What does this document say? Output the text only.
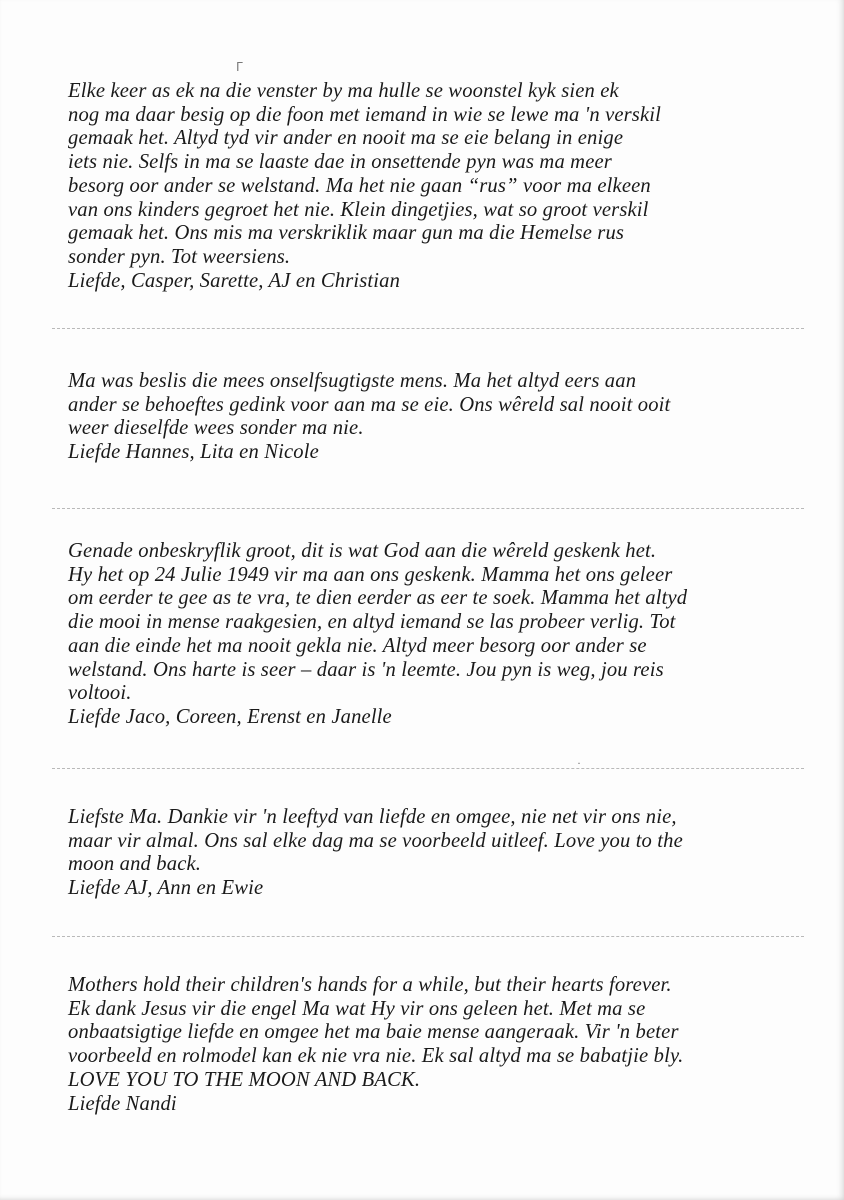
ᒥ
Elke keer as ek na die venster by ma hulle se woonstel kyk sien ek
nog ma daar besig op die foon met iemand in wie se lewe ma 'n verskil
gemaak het. Altyd tyd vir ander en nooit ma se eie belang in enige
iets nie. Selfs in ma se laaste dae in onsettende pyn was ma meer
besorg oor ander se welstand. Ma het nie gaan “rus” voor ma elkeen
van ons kinders gegroet het nie. Klein dingetjies, wat so groot verskil
gemaak het. Ons mis ma verskriklik maar gun ma die Hemelse rus
sonder pyn. Tot weersiens.
Liefde, Casper, Sarette, AJ en Christian
Ma was beslis die mees onselfsugtigste mens. Ma het altyd eers aan
ander se behoeftes gedink voor aan ma se eie. Ons wêreld sal nooit ooit
weer dieselfde wees sonder ma nie.
Liefde Hannes, Lita en Nicole
Genade onbeskryflik groot, dit is wat God aan die wêreld geskenk het.
Hy het op 24 Julie 1949 vir ma aan ons geskenk. Mamma het ons geleer
om eerder te gee as te vra, te dien eerder as eer te soek. Mamma het altyd
die mooi in mense raakgesien, en altyd iemand se las probeer verlig. Tot
aan die einde het ma nooit gekla nie. Altyd meer besorg oor ander se
welstand. Ons harte is seer – daar is 'n leemte. Jou pyn is weg, jou reis
voltooi.
Liefde Jaco, Coreen, Erenst en Janelle
·
Liefste Ma. Dankie vir 'n leeftyd van liefde en omgee, nie net vir ons nie,
maar vir almal. Ons sal elke dag ma se voorbeeld uitleef. Love you to the
moon and back.
Liefde AJ, Ann en Ewie
Mothers hold their children's hands for a while, but their hearts forever.
Ek dank Jesus vir die engel Ma wat Hy vir ons geleen het. Met ma se
onbaatsigtige liefde en omgee het ma baie mense aangeraak. Vir 'n beter
voorbeeld en rolmodel kan ek nie vra nie. Ek sal altyd ma se babatjie bly.
LOVE YOU TO THE MOON AND BACK.
Liefde Nandi
